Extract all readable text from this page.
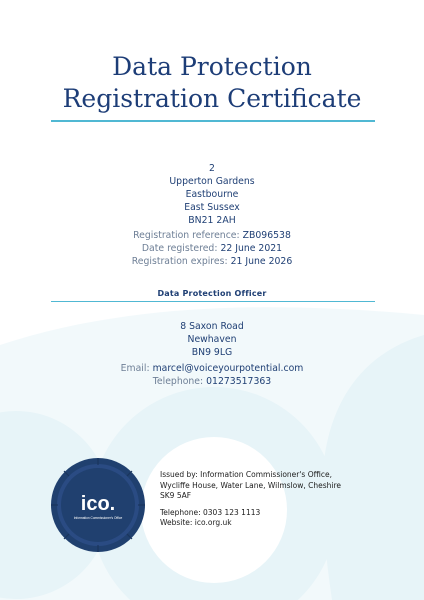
Data Protection
Registration Certificate
2
Upperton Gardens
Eastbourne
East Sussex
BN21 2AH
Registration reference: ZB096538
Date registered: 22 June 2021
Registration expires: 21 June 2026
Data Protection Officer
8 Saxon Road
Newhaven
BN9 9LG
Email: marcel@voiceyourpotential.com
Telephone: 01273517363
ico.
Information Commissioner's Office

Issued by: Information Commissioner's Office,
Wycliffe House, Water Lane, Wilmslow, Cheshire
SK9 5AF

Telephone: 0303 123 1113
Website: ico.org.uk
